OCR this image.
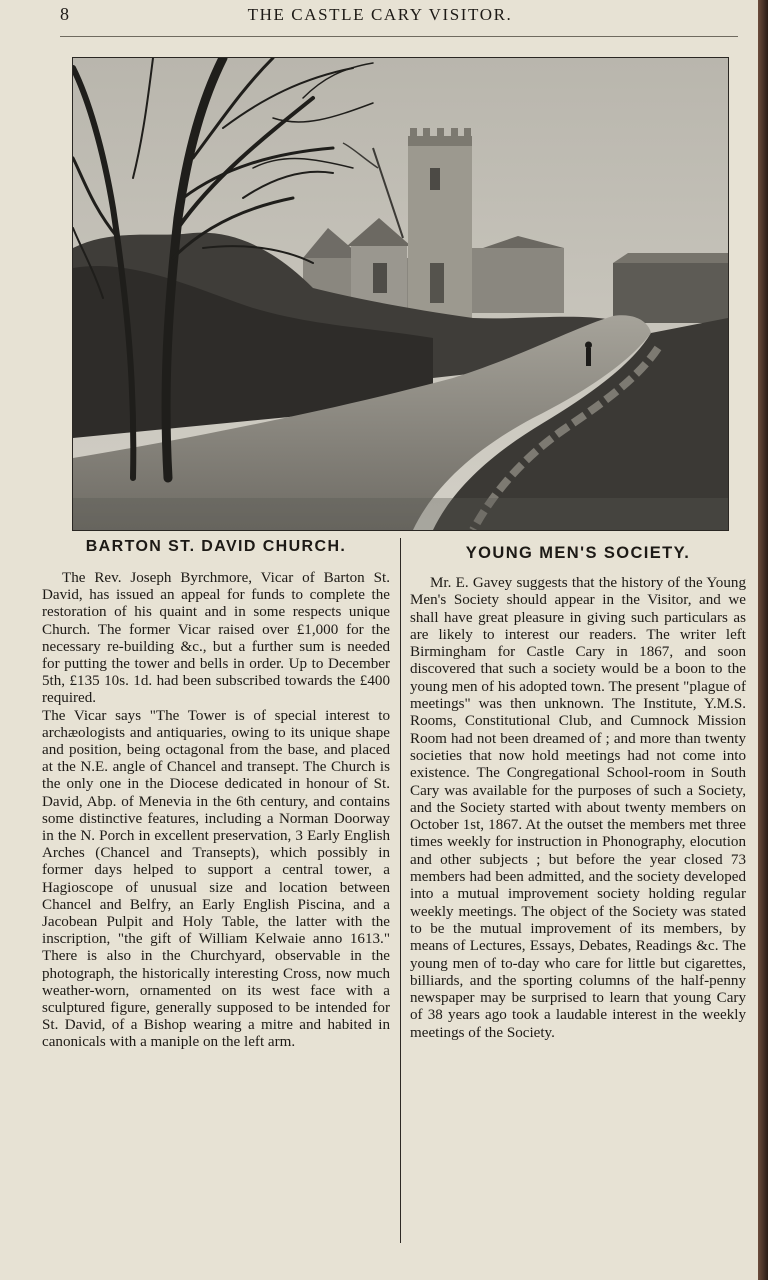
8	THE CASTLE CARY VISITOR.
BARTON ST. DAVID CHURCH.

The Rev. Joseph Byrchmore, Vicar of Barton St. David, has issued an appeal for funds to complete the restoration of his quaint and in some respects unique Church. The former Vicar raised over £1,000 for the necessary re-building &c., but a further sum is needed for putting the tower and bells in order. Up to December 5th, £135 10s. 1d. had been subscribed towards the £400 required.

The Vicar says "The Tower is of special interest to archæologists and antiquaries, owing to its unique shape and position, being octagonal from the base, and placed at the N.E. angle of Chancel and transept. The Church is the only one in the Diocese dedicated in honour of St. David, Abp. of Menevia in the 6th century, and contains some distinctive features, including a Norman Doorway in the N. Porch in excellent preservation, 3 Early English Arches (Chancel and Transepts), which possibly in former days helped to support a central tower, a Hagioscope of unusual size and location between Chancel and Belfry, an Early English Piscina, and a Jacobean Pulpit and Holy Table, the latter with the inscription, "the gift of William Kelwaie anno 1613." There is also in the Churchyard, observable in the photograph, the historically interesting Cross, now much weather-worn, ornamented on its west face with a sculptured figure, generally supposed to be intended for St. David, of a Bishop wearing a mitre and habited in canonicals with a maniple on the left arm.

YOUNG MEN'S SOCIETY.

Mr. E. Gavey suggests that the history of the Young Men's Society should appear in the Visitor, and we shall have great pleasure in giving such particulars as are likely to interest our readers. The writer left Birmingham for Castle Cary in 1867, and soon discovered that such a society would be a boon to the young men of his adopted town. The present "plague of meetings" was then unknown. The Institute, Y.M.S. Rooms, Constitutional Club, and Cumnock Mission Room had not been dreamed of ; and more than twenty societies that now hold meetings had not come into existence. The Congregational School-room in South Cary was available for the purposes of such a Society, and the Society started with about twenty members on October 1st, 1867. At the outset the members met three times weekly for instruction in Phonography, elocution and other subjects ; but before the year closed 73 members had been admitted, and the society developed into a mutual improvement society holding regular weekly meetings. The object of the Society was stated to be the mutual improvement of its members, by means of Lectures, Essays, Debates, Readings &c. The young men of to-day who care for little but cigarettes, billiards, and the sporting columns of the half-penny newspaper may be surprised to learn that young Cary of 38 years ago took a laudable interest in the weekly meetings of the Society.
